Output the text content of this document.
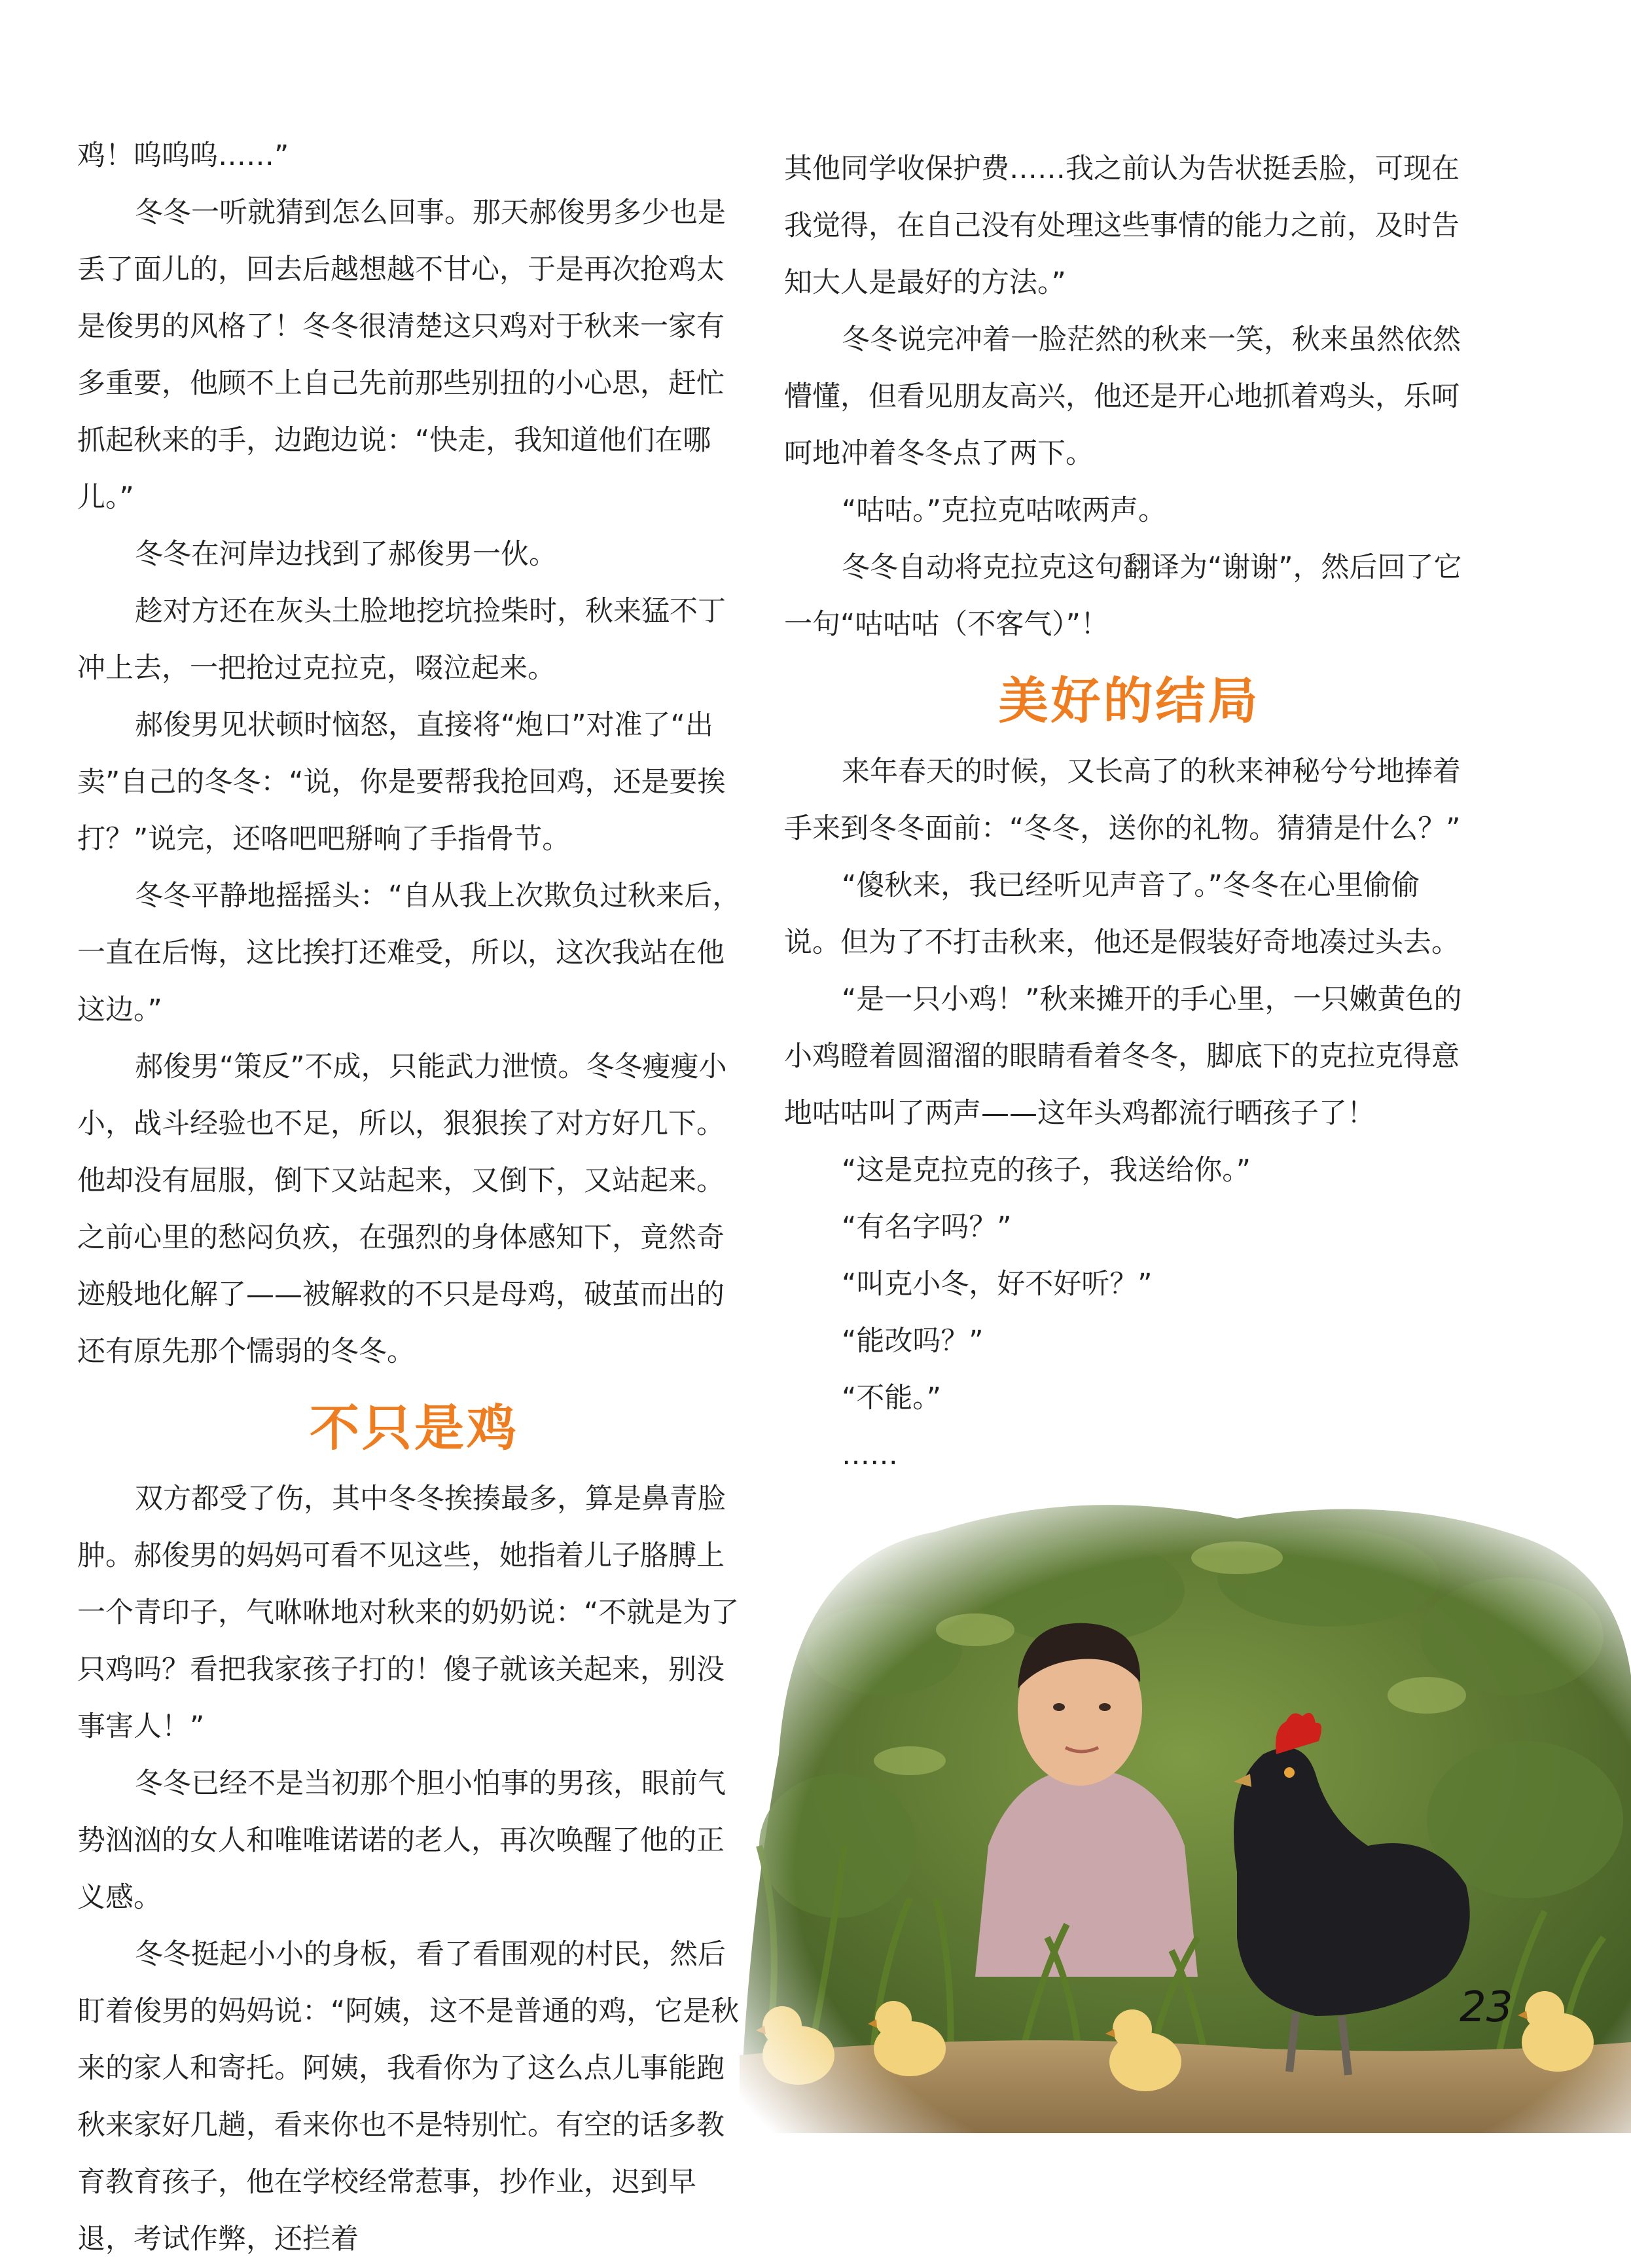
鸡！呜呜呜……”

冬冬一听就猜到怎么回事。那天郝俊男多少也是丢了面儿的，回去后越想越不甘心，于是再次抢鸡太是俊男的风格了！冬冬很清楚这只鸡对于秋来一家有多重要，他顾不上自己先前那些别扭的小心思，赶忙抓起秋来的手，边跑边说：“快走，我知道他们在哪儿。”

冬冬在河岸边找到了郝俊男一伙。

趁对方还在灰头土脸地挖坑捡柴时，秋来猛不丁冲上去，一把抢过克拉克，啜泣起来。

郝俊男见状顿时恼怒，直接将“炮口”对准了“出卖”自己的冬冬：“说，你是要帮我抢回鸡，还是要挨打？”说完，还咯吧吧掰响了手指骨节。

冬冬平静地摇摇头：“自从我上次欺负过秋来后，一直在后悔，这比挨打还难受，所以，这次我站在他这边。”

郝俊男“策反”不成，只能武力泄愤。冬冬瘦瘦小小，战斗经验也不足，所以，狠狠挨了对方好几下。他却没有屈服，倒下又站起来，又倒下，又站起来。之前心里的愁闷负疚，在强烈的身体感知下，竟然奇迹般地化解了——被解救的不只是母鸡，破茧而出的还有原先那个懦弱的冬冬。

不只是鸡

双方都受了伤，其中冬冬挨揍最多，算是鼻青脸肿。郝俊男的妈妈可看不见这些，她指着儿子胳膊上一个青印子，气咻咻地对秋来的奶奶说：“不就是为了只鸡吗？看把我家孩子打的！傻子就该关起来，别没事害人！”

冬冬已经不是当初那个胆小怕事的男孩，眼前气势汹汹的女人和唯唯诺诺的老人，再次唤醒了他的正义感。

冬冬挺起小小的身板，看了看围观的村民，然后盯着俊男的妈妈说：“阿姨，这不是普通的鸡，它是秋来的家人和寄托。阿姨，我看你为了这么点儿事能跑秋来家好几趟，看来你也不是特别忙。有空的话多教育教育孩子，他在学校经常惹事，抄作业，迟到早退，考试作弊，还拦着

其他同学收保护费……我之前认为告状挺丢脸，可现在我觉得，在自己没有处理这些事情的能力之前，及时告知大人是最好的方法。”

冬冬说完冲着一脸茫然的秋来一笑，秋来虽然依然懵懂，但看见朋友高兴，他还是开心地抓着鸡头，乐呵呵地冲着冬冬点了两下。

“咕咕。”克拉克咕哝两声。

冬冬自动将克拉克这句翻译为“谢谢”，然后回了它一句“咕咕咕（不客气）”！

美好的结局

来年春天的时候，又长高了的秋来神秘兮兮地捧着手来到冬冬面前：“冬冬，送你的礼物。猜猜是什么？”

“傻秋来，我已经听见声音了。”冬冬在心里偷偷说。但为了不打击秋来，他还是假装好奇地凑过头去。

“是一只小鸡！”秋来摊开的手心里，一只嫩黄色的小鸡瞪着圆溜溜的眼睛看着冬冬，脚底下的克拉克得意地咕咕叫了两声——这年头鸡都流行晒孩子了！

“这是克拉克的孩子，我送给你。”

“有名字吗？”

“叫克小冬，好不好听？”

“能改吗？”

“不能。”

……

23
